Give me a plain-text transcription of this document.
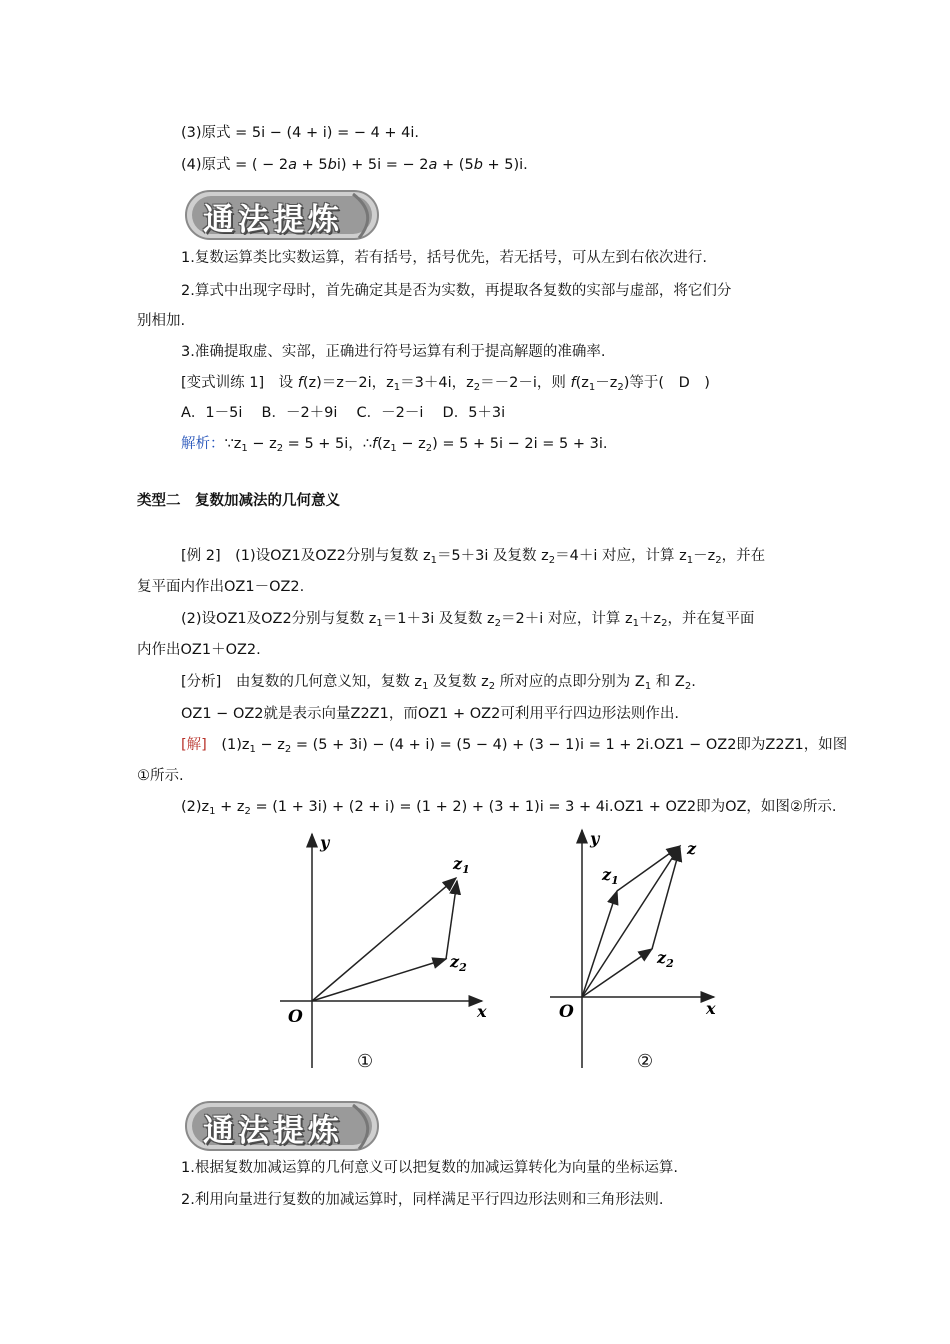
(3)原式 = 5i − (4 + i) = − 4 + 4i.
(4)原式 = ( − 2a + 5bi) + 5i = − 2a + (5b + 5)i.
通法提炼
1.复数运算类比实数运算，若有括号，括号优先，若无括号，可从左到右依次进行.
2.算式中出现字母时，首先确定其是否为实数，再提取各复数的实部与虚部，将它们分
别相加.
3.准确提取虚、实部，正确进行符号运算有利于提高解题的准确率.
[变式训练 1]　 设 f(z)＝z－2i，$z_1=3+4i$，$z_2=-2-i$，则 $f(z_1-z_2)$等于(　D　)
A．1－5i　 B．－2＋9i　 C．－2－i　 D．5＋3i
解析：$\because z_1 - z_2 = 5 + 5i$，$\therefore f(z_1 - z_2) = 5 + 5i - 2i = 5 + 3i$.
类型二　复数加减法的几何意义
[例 2]　(1)设OZ1及OZ2分别与复数 $z_1=5+3i$ 及复数 $z_2=4+i$ 对应，计算 $z_1-z_2$，并在
复平面内作出OZ1－OZ2.
(2)设OZ1及OZ2分别与复数 $z_1=1+3i$ 及复数 $z_2=2+i$ 对应，计算 $z_1+z_2$，并在复平面
内作出OZ1＋OZ2.
[分析]　由复数的几何意义知，复数 $z_1$ 及复数 $z_2$ 所对应的点即分别为 $Z_1$ 和 $Z_2$.
OZ1 − OZ2就是表示向量Z2Z1，而OZ1 + OZ2可利用平行四边形法则作出.
[解]　$(1)z_1 - z_2 = (5 + 3i) - (4 + i) = (5 - 4) + (3 - 1)i = 1 + 2i.OZ1 - OZ2$即为Z2Z1，如图
①所示.
$(2)z_1 + z_2 = (1 + 3i) + (2 + i) = (1 + 2) + (3 + 1)i = 3 + 4i.OZ1 + OZ2$即为OZ，如图②所示.
y
x
O
$z_1$
$z_2$
①
y
x
O
z
$z_1$
$z_2$
②
通法提炼
1.根据复数加减运算的几何意义可以把复数的加减运算转化为向量的坐标运算.
2.利用向量进行复数的加减运算时，同样满足平行四边形法则和三角形法则.
